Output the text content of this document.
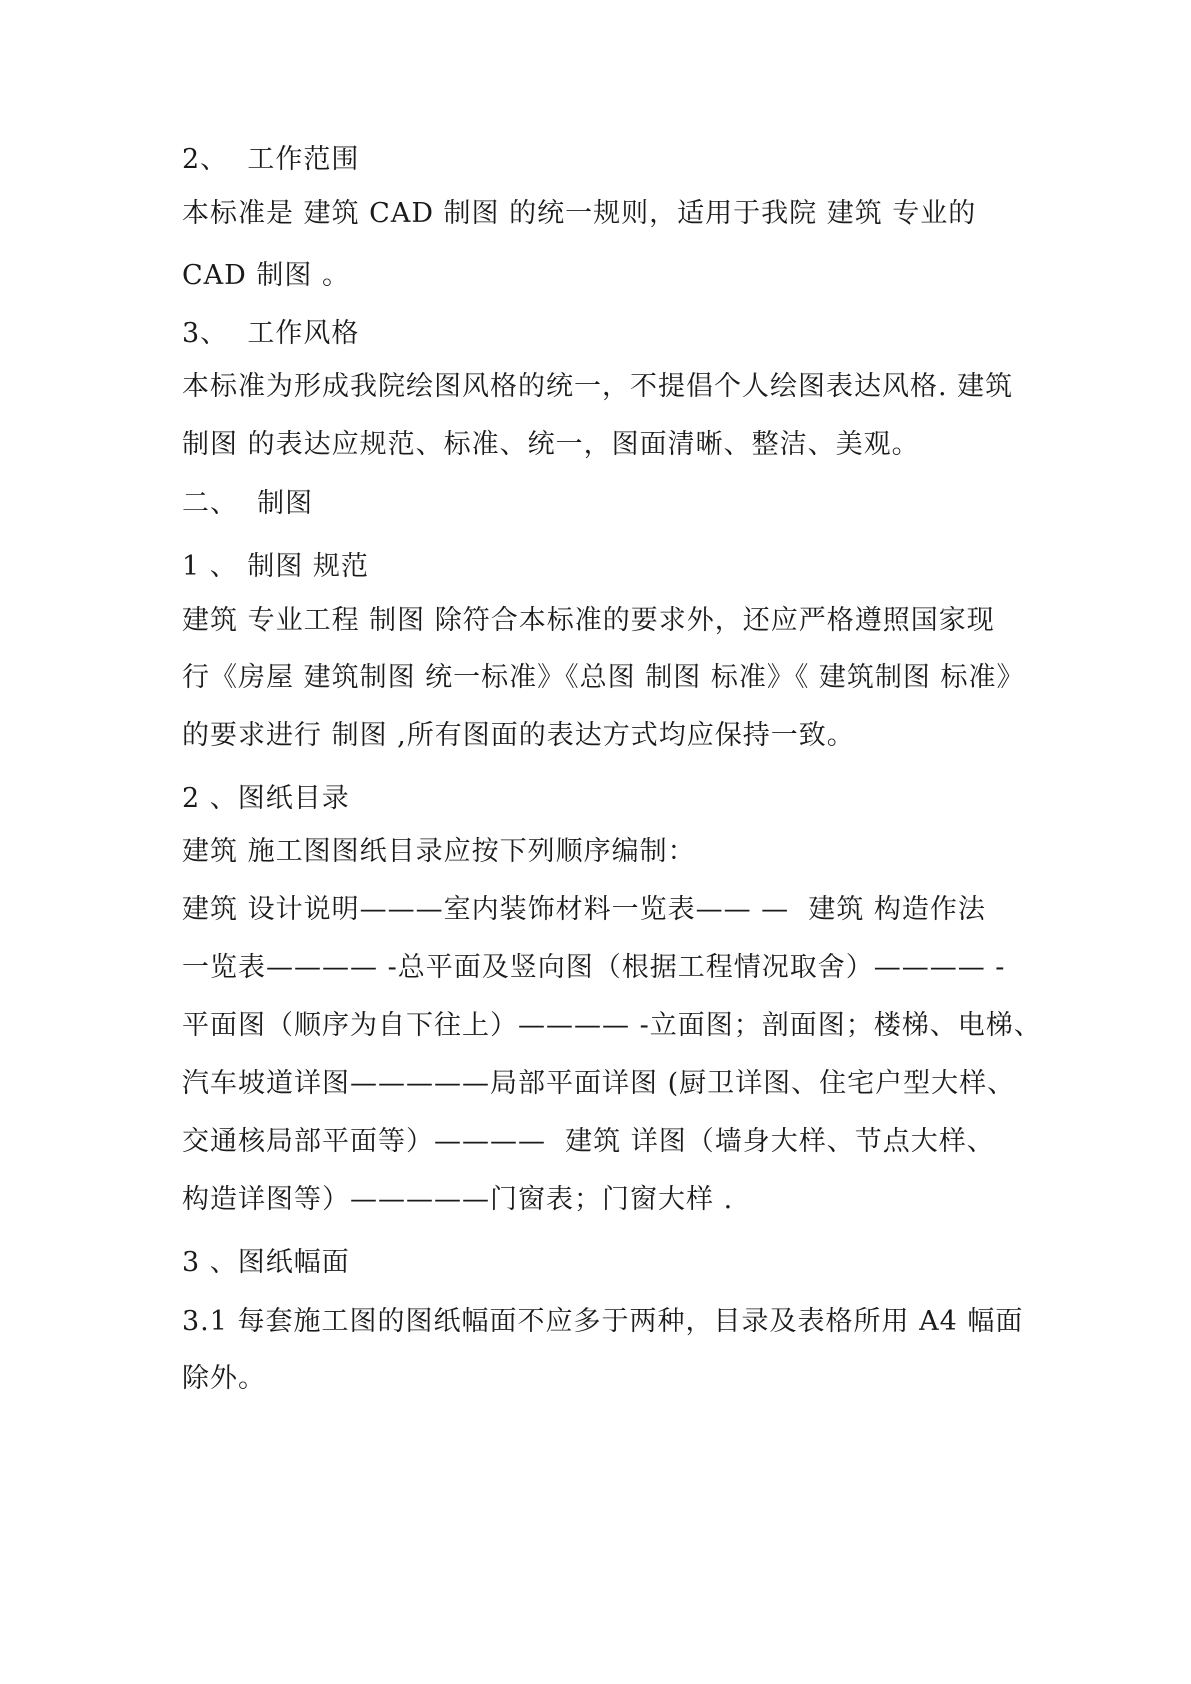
2、  工作范围

本标准是 建筑 CAD 制图 的统一规则，适用于我院 建筑 专业的

CAD 制图 。

3、  工作风格

本标准为形成我院绘图风格的统一，不提倡个人绘图表达风格. 建筑

制图 的表达应规范、标准、统一，图面清晰、整洁、美观。

二、  制图

1 、 制图 规范

建筑 专业工程 制图 除符合本标准的要求外，还应严格遵照国家现

行《房屋 建筑制图 统一标准》《总图 制图 标准》《 建筑制图 标准》

的要求进行 制图 ,所有图面的表达方式均应保持一致。

2 、图纸目录

建筑 施工图图纸目录应按下列顺序编制：

建筑 设计说明———室内装饰材料一览表—— —  建筑 构造作法

一览表———— -总平面及竖向图（根据工程情况取舍）———— -

平面图（顺序为自下往上）———— -立面图；剖面图；楼梯、电梯、

汽车坡道详图—————局部平面详图 (厨卫详图、住宅户型大样、

交通核局部平面等）————  建筑 详图（墙身大样、节点大样、

构造详图等）—————门窗表；门窗大样 .

3 、图纸幅面

3.1 每套施工图的图纸幅面不应多于两种，目录及表格所用 A4 幅面

除外。
